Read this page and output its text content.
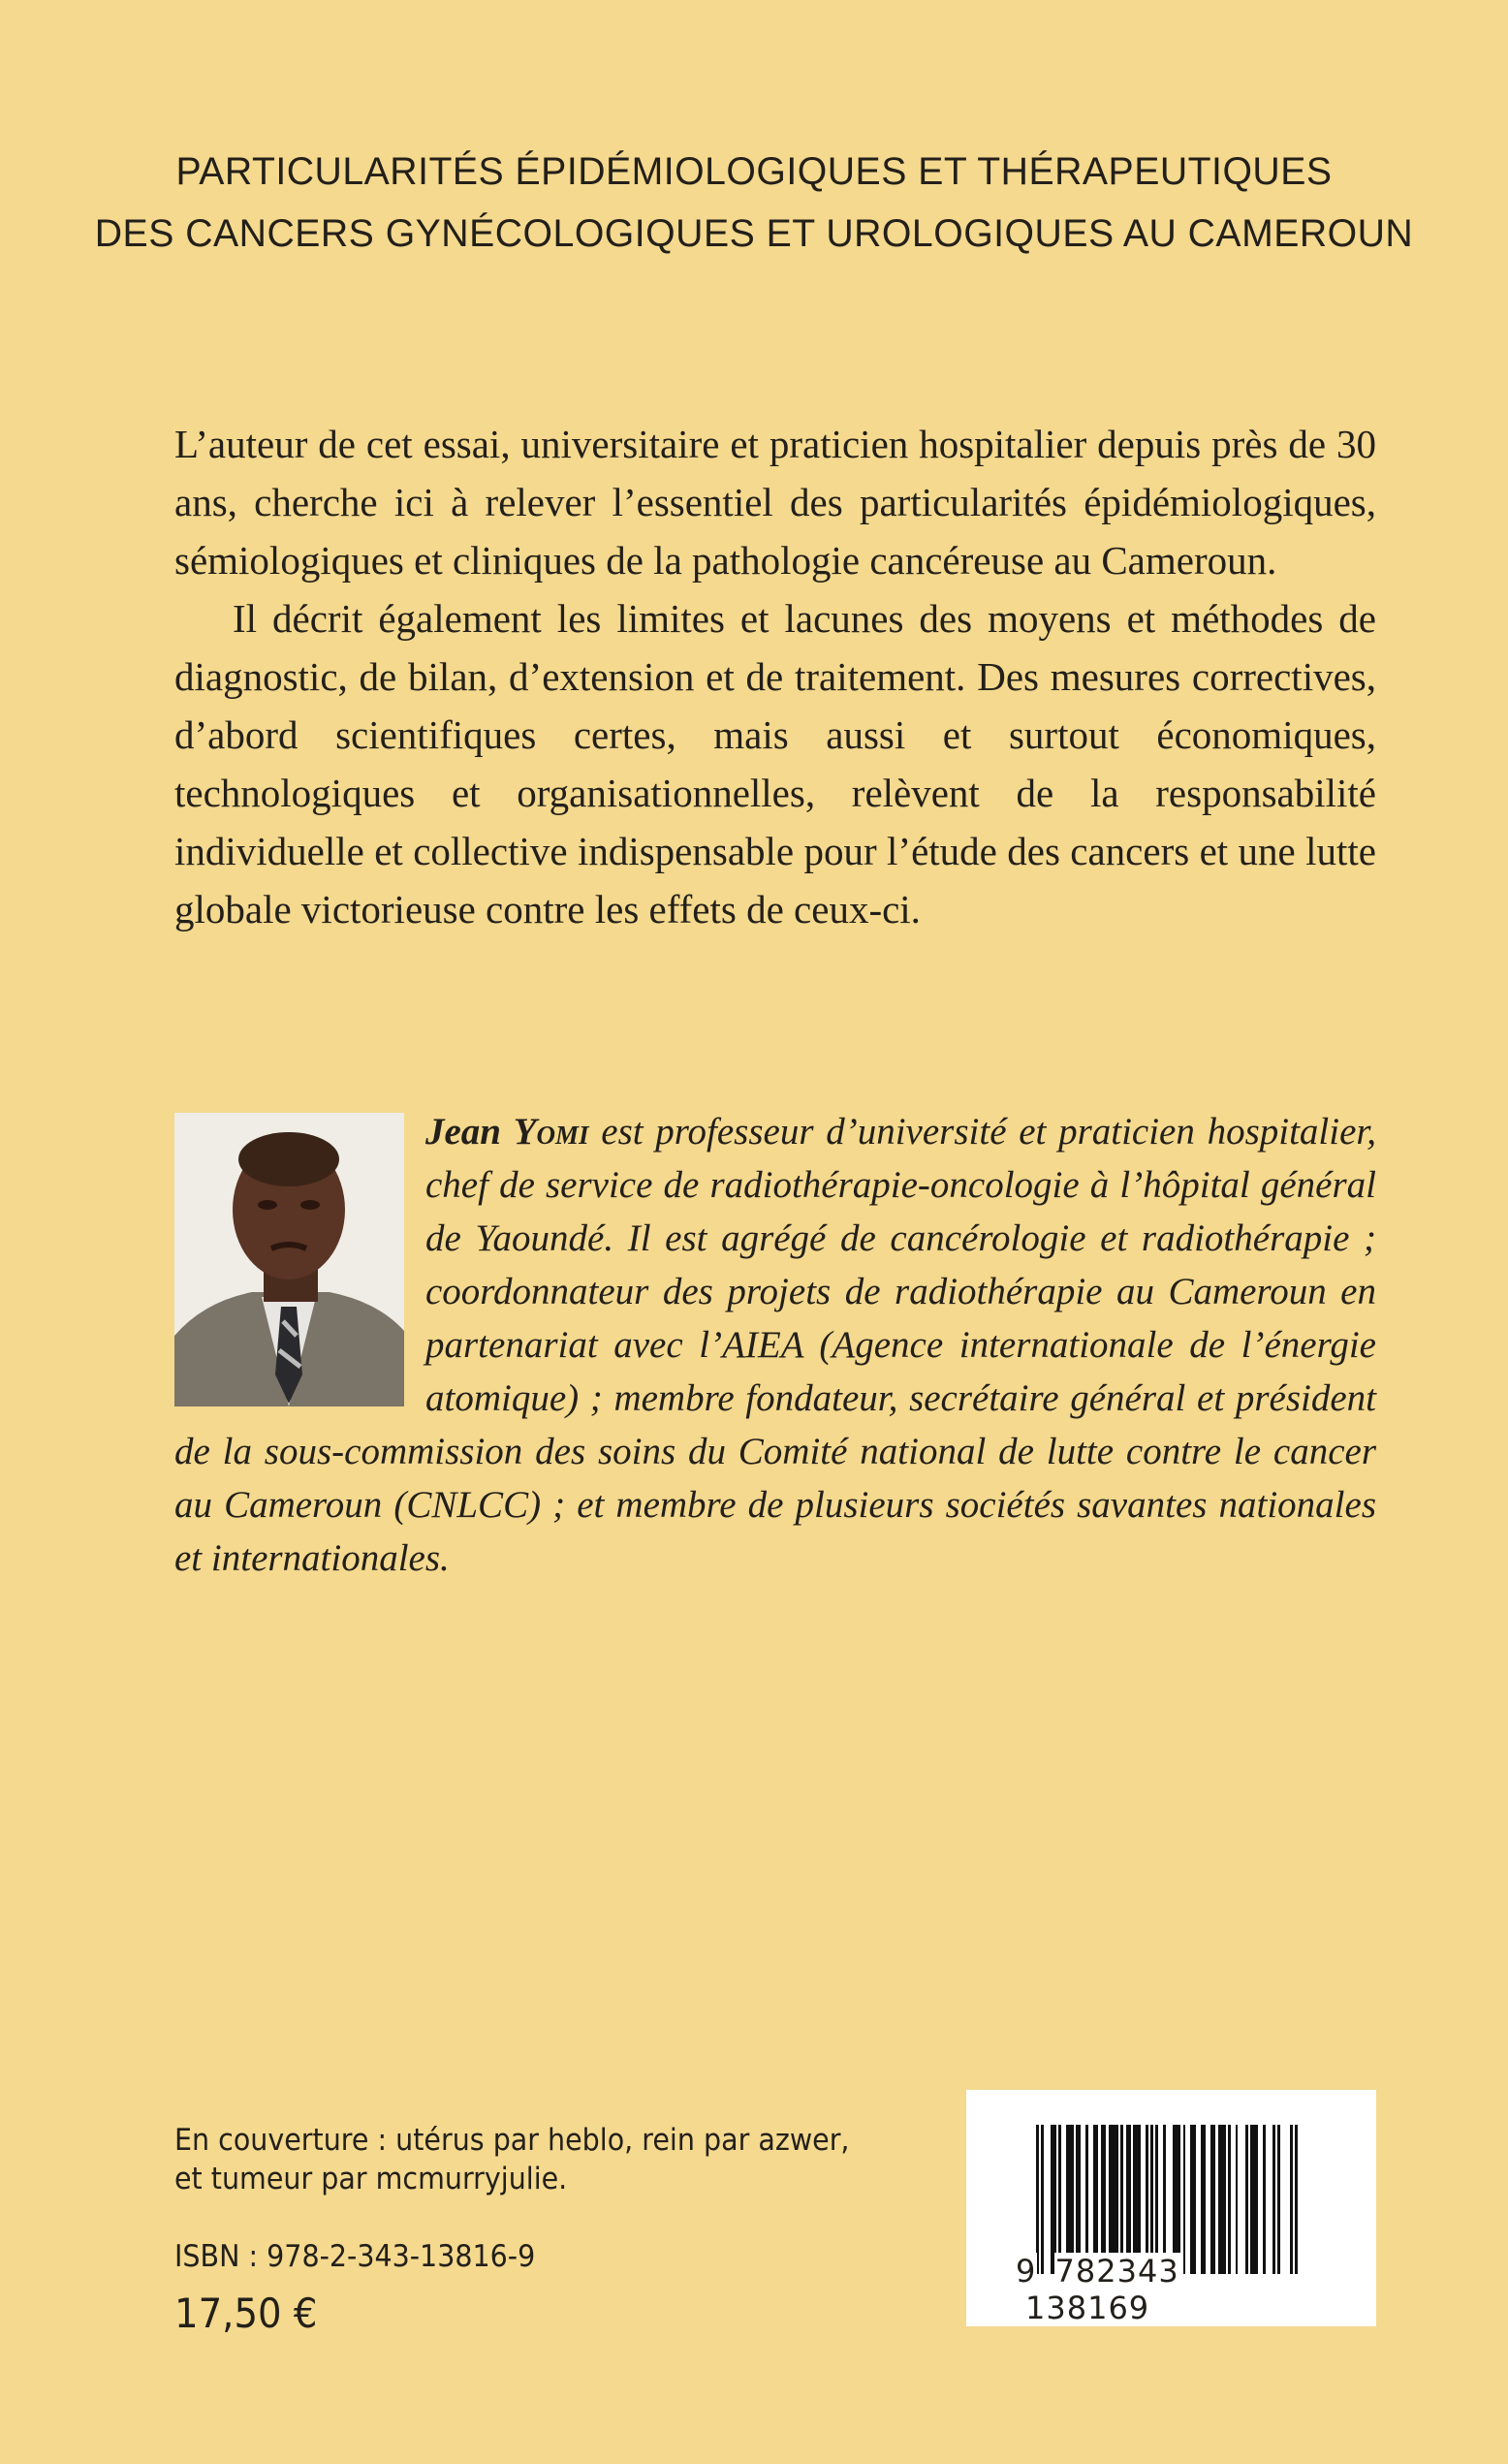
PARTICULARITÉS ÉPIDÉMIOLOGIQUES ET THÉRAPEUTIQUES
DES CANCERS GYNÉCOLOGIQUES ET UROLOGIQUES AU CAMEROUN

L’auteur de cet essai, universitaire et praticien hospitalier depuis près de 30 ans, cherche ici à relever l’essentiel des particularités épidémiologiques, sémiologiques et cliniques de la pathologie cancéreuse au Cameroun.

Il décrit également les limites et lacunes des moyens et méthodes de diagnostic, de bilan, d’extension et de traitement. Des mesures correctives, d’abord scientifiques certes, mais aussi et surtout économiques, technologiques et organisationnelles, relèvent de la responsabilité individuelle et collective indispensable pour l’étude des cancers et une lutte globale victorieuse contre les effets de ceux-ci.

Jean Yomi est professeur d’université et praticien hospitalier, chef de service de radiothérapie-oncologie à l’hôpital général de Yaoundé. Il est agrégé de cancérologie et radiothérapie ; coordonnateur des projets de radiothérapie au Cameroun en partenariat avec l’AIEA (Agence internationale de l’énergie atomique) ; membre fondateur, secrétaire général et président de la sous-commission des soins du Comité national de lutte contre le cancer au Cameroun (CNLCC) ; et membre de plusieurs sociétés savantes nationales et internationales.
En couverture : utérus par heblo, rein par azwer,
et tumeur par mcmurryjulie.
ISBN : 978-2-343-13816-9
17,50 €
9 782343 138169
